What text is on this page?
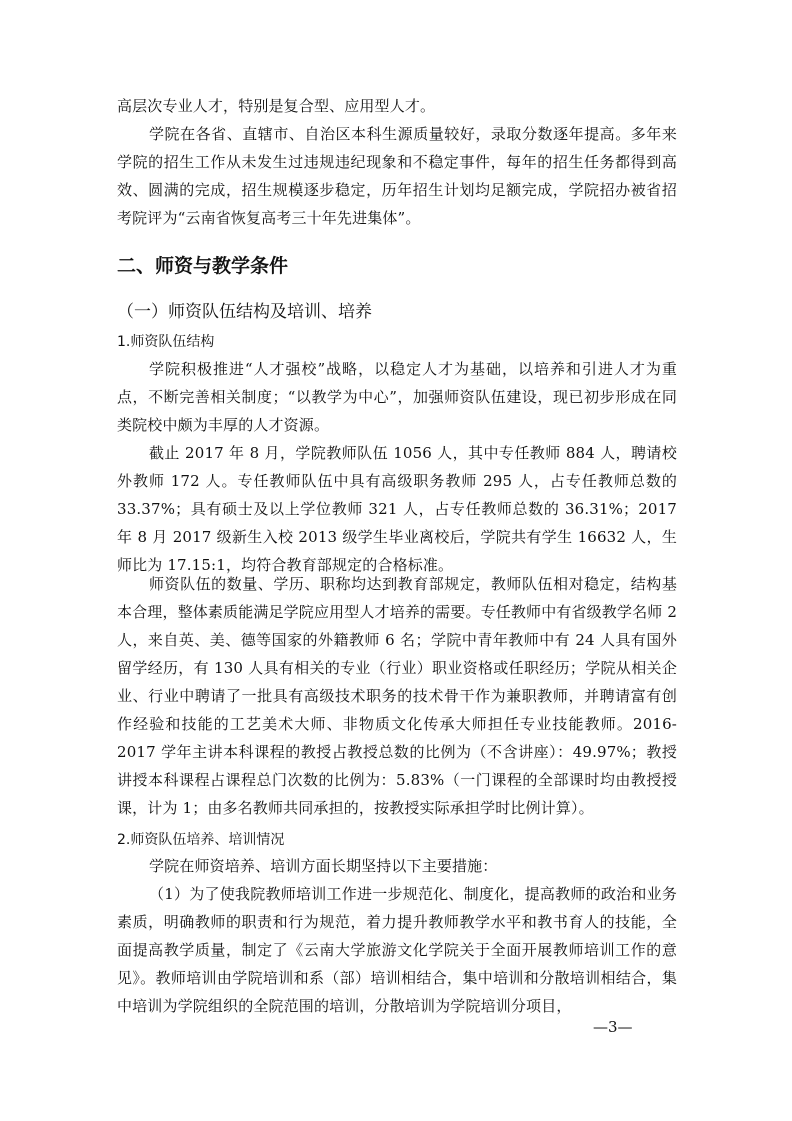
高层次专业人才，特别是复合型、应用型人才。

学院在各省、直辖市、自治区本科生源质量较好，录取分数逐年提高。多年来学院的招生工作从未发生过违规违纪现象和不稳定事件，每年的招生任务都得到高效、圆满的完成，招生规模逐步稳定，历年招生计划均足额完成，学院招办被省招考院评为“云南省恢复高考三十年先进集体”。

二、师资与教学条件
（一）师资队伍结构及培训、培养

1.师资队伍结构

学院积极推进“人才强校”战略，以稳定人才为基础，以培养和引进人才为重点，不断完善相关制度；“以教学为中心”，加强师资队伍建设，现已初步形成在同类院校中颇为丰厚的人才资源。

截止 2017 年 8 月，学院教师队伍 1056 人，其中专任教师 884 人，聘请校外教师 172 人。专任教师队伍中具有高级职务教师 295 人，占专任教师总数的 33.37%；具有硕士及以上学位教师 321 人，占专任教师总数的 36.31%；2017 年 8 月 2017 级新生入校 2013 级学生毕业离校后，学院共有学生 16632 人，生师比为 17.15:1，均符合教育部规定的合格标准。

师资队伍的数量、学历、职称均达到教育部规定，教师队伍相对稳定，结构基本合理，整体素质能满足学院应用型人才培养的需要。专任教师中有省级教学名师 2 人，来自英、美、德等国家的外籍教师 6 名；学院中青年教师中有 24 人具有国外留学经历，有 130 人具有相关的专业（行业）职业资格或任职经历；学院从相关企业、行业中聘请了一批具有高级技术职务的技术骨干作为兼职教师，并聘请富有创作经验和技能的工艺美术大师、非物质文化传承大师担任专业技能教师。2016-2017 学年主讲本科课程的教授占教授总数的比例为（不含讲座）：49.97%；教授讲授本科课程占课程总门次数的比例为：5.83%（一门课程的全部课时均由教授授课，计为 1；由多名教师共同承担的，按教授实际承担学时比例计算）。

2.师资队伍培养、培训情况

学院在师资培养、培训方面长期坚持以下主要措施：

（1）为了使我院教师培训工作进一步规范化、制度化，提高教师的政治和业务素质，明确教师的职责和行为规范，着力提升教师教学水平和教书育人的技能，全面提高教学质量，制定了《云南大学旅游文化学院关于全面开展教师培训工作的意见》。教师培训由学院培训和系（部）培训相结合，集中培训和分散培训相结合，集中培训为学院组织的全院范围的培训，分散培训为学院培训分项目，

—3—
